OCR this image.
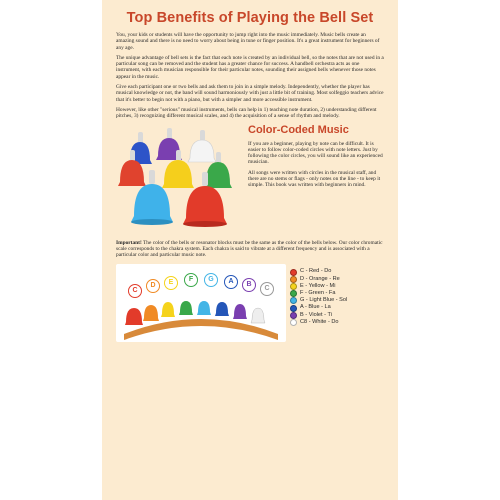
Top Benefits of Playing the Bell Set

You, your kids or students will have the opportunity to jump right into the music immediately. Music bells create an amazing sound and there is no need to worry about being in tune or finger position. It's a great instrument for beginners of any age.

The unique advantage of bell sets is the fact that each note is created by an individual bell, so the notes that are not used in a particular song can be removed and the student has a greater chance for success. A handbell orchestra acts as one instrument, with each musician responsible for their particular notes, sounding their assigned bells whenever those notes appear in the music.

Give each participant one or two bells and ask them to join in a simple melody. Independently, whether the player has musical knowledge or not, the band will sound harmoniously with just a little bit of training. Most solfeggio teachers advice that it's better to begin not with a piano, but with a simpler and more accessible instrument.

However, like other "serious" musical instruments, bells can help in 1) teaching note duration, 2) understanding different pitches, 3) recognizing different musical scales, and 4) the acquisition of a sense of rhythm and melody.

Color-Coded Music

If you are a beginner, playing by note can be difficult. It is easier to follow color-coded circles with note letters. Just by following the color circles, you will sound like an experienced musician.

All songs were written with circles in the musical staff, and there are no stems or flags - only notes on the line - to keep it simple. This book was written with beginners in mind.

Important! The color of the bells or resonator blocks must be the same as the color of the bells below. Our color chromatic scale corresponds to the chakra system. Each chakra is said to vibrate at a different frequency and is associated with a particular color and particular music note.

C
D	E	F	G	A	B
C
C - Red - Do
D - Orange - Re
E - Yellow - Mi
F - Green - Fa
G - Light Blue - Sol
A - Blue - La
B - Violet - Ti
C8 - White - Do
